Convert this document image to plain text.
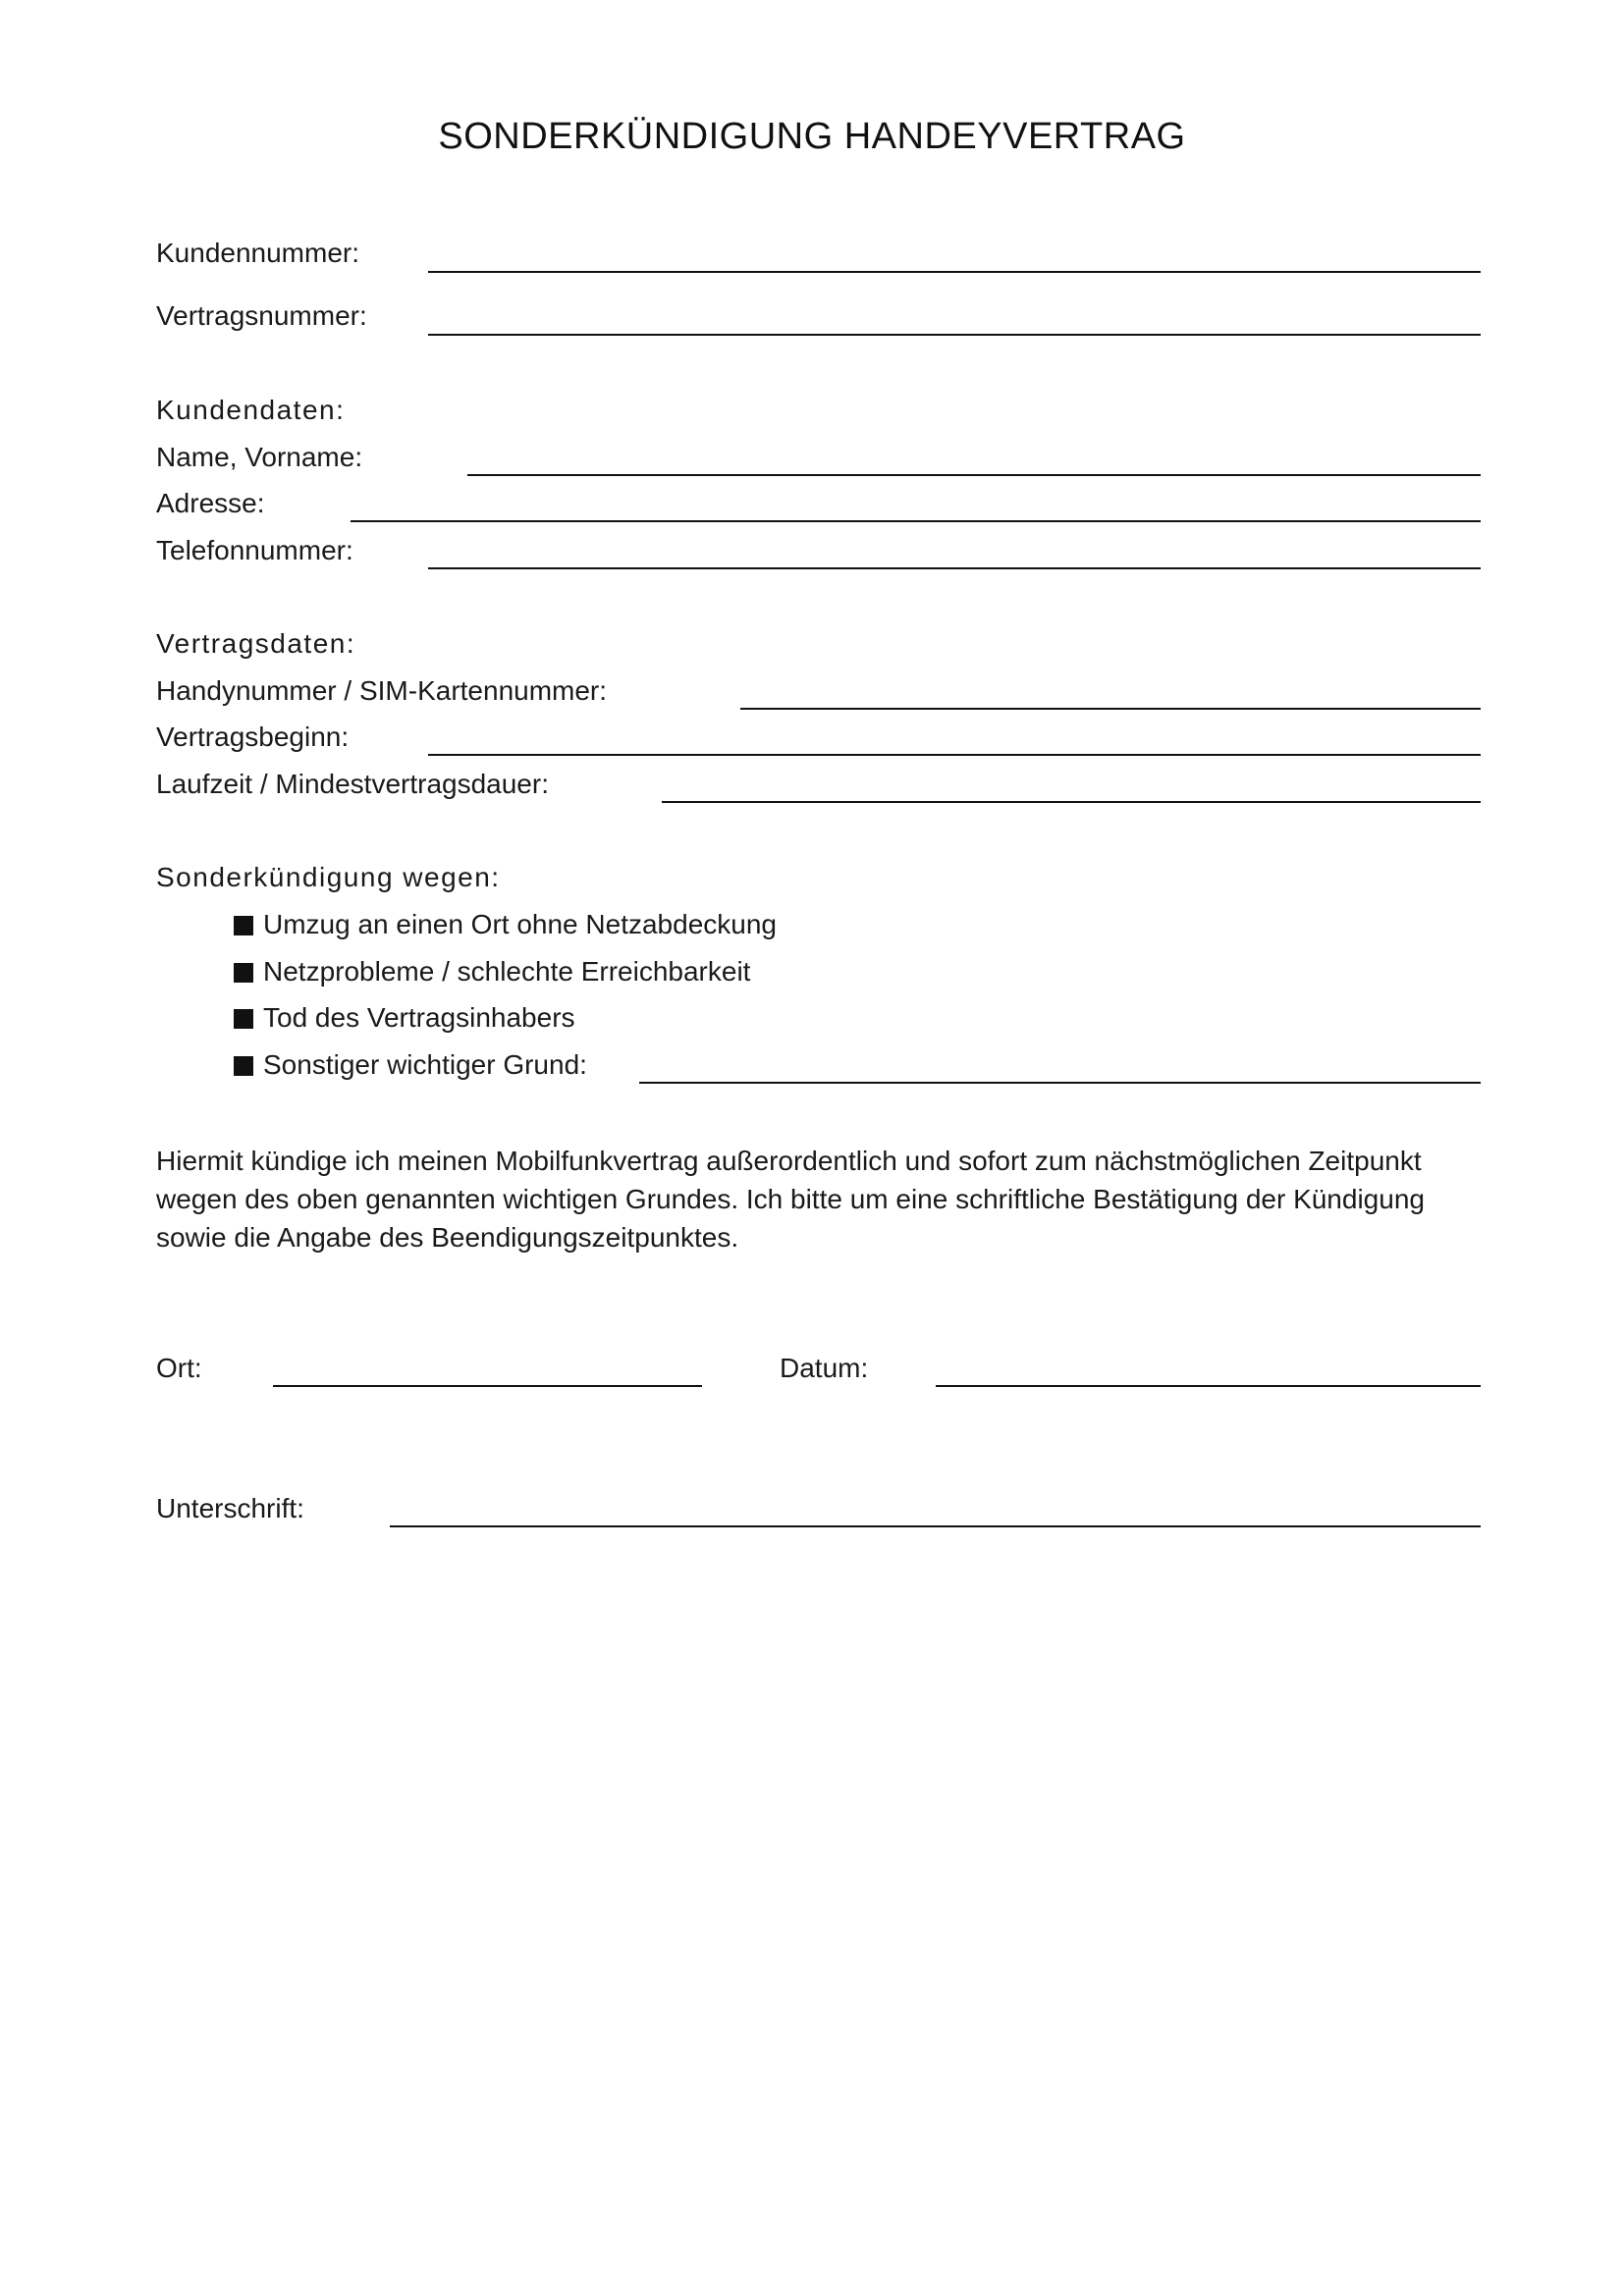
SONDERKÜNDIGUNG HANDEYVERTRAG
Kundennummer:
Vertragsnummer:
Kundendaten:
Name, Vorname:
Adresse:
Telefonnummer:
Vertragsdaten:
Handynummer / SIM-Kartennummer:
Vertragsbeginn:
Laufzeit / Mindestvertragsdauer:
Sonderkündigung wegen:
Umzug an einen Ort ohne Netzabdeckung
Netzprobleme / schlechte Erreichbarkeit
Tod des Vertragsinhabers
Sonstiger wichtiger Grund:
Hiermit kündige ich meinen Mobilfunkvertrag außerordentlich und sofort zum nächstmöglichen Zeitpunkt
wegen des oben genannten wichtigen Grundes. Ich bitte um eine schriftliche Bestätigung der Kündigung
sowie die Angabe des Beendigungszeitpunktes.
Ort:	Datum:
Unterschrift:
